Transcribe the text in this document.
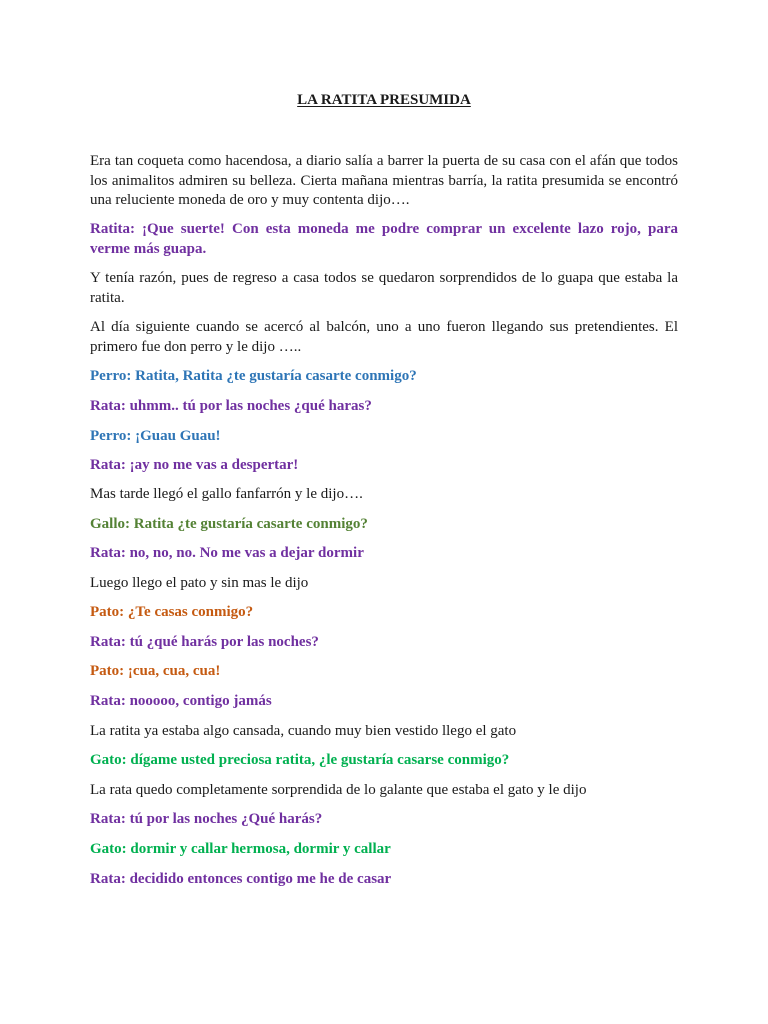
LA RATITA PRESUMIDA

Era tan coqueta como hacendosa, a diario salía a barrer la puerta de su casa con el afán que todos los animalitos admiren su belleza. Cierta mañana mientras barría, la ratita presumida se encontró una reluciente moneda de oro y muy contenta dijo….

Ratita: ¡Que suerte! Con esta moneda me podre comprar un excelente lazo rojo, para verme más guapa.

Y tenía razón, pues de regreso a casa todos se quedaron sorprendidos de lo guapa que estaba la ratita.

Al día siguiente cuando se acercó al balcón, uno a uno fueron llegando sus pretendientes. El primero fue don perro y le dijo …..

Perro: Ratita, Ratita ¿te gustaría casarte conmigo?

Rata: uhmm.. tú por las noches ¿qué haras?

Perro: ¡Guau Guau!

Rata: ¡ay no me vas a despertar!

Mas tarde llegó el gallo fanfarrón y le dijo….

Gallo: Ratita ¿te gustaría casarte conmigo?

Rata: no, no, no. No me vas a dejar dormir

Luego llego el pato y sin mas le dijo

Pato: ¿Te casas conmigo?

Rata: tú ¿qué harás por las noches?

Pato: ¡cua, cua, cua!

Rata: nooooo, contigo jamás

La ratita ya estaba algo cansada, cuando muy bien vestido llego el gato

Gato: dígame usted preciosa ratita, ¿le gustaría casarse conmigo?

La rata quedo completamente sorprendida de lo galante que estaba el gato y le dijo

Rata: tú por las noches ¿Qué harás?

Gato: dormir y callar hermosa, dormir y callar

Rata: decidido entonces contigo me he de casar
